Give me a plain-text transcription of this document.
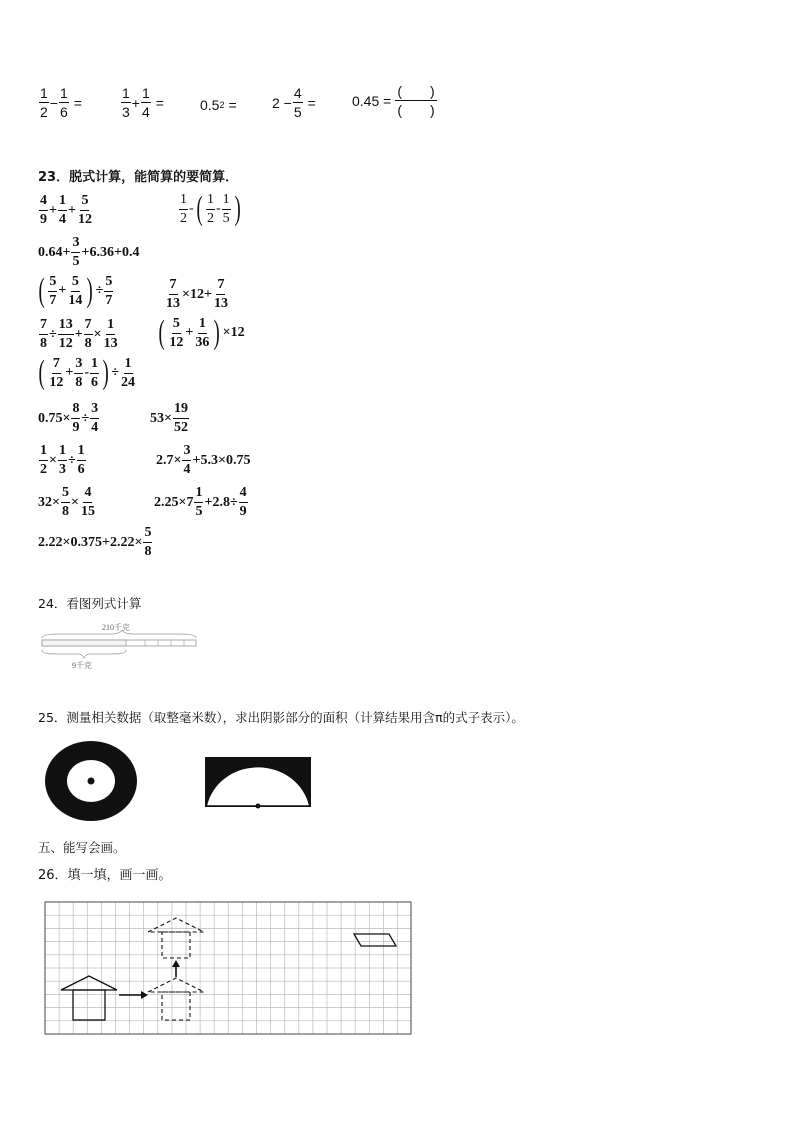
$\frac{1}{2} - \frac{1}{6}$ =	$\frac{1}{3} + \frac{1}{4}$ =	0.5 2 =	$2 - \frac{4}{5}$ =	0.45 =
(　　)
(　　)
23．脱式计算，能简算的要简算．
$\frac{4}{9} + \frac{1}{4} + \frac{5}{12}$	$\frac{1}{2}$ - ( $\frac{1}{2} - \frac{1}{5}$ )
$0.64+ \frac{3}{5} +6.36+0.4$
( $\frac{5}{7} + \frac{5}{14}$ ) ÷ $\frac{5}{7}$	$\frac{7}{13} \times 12+ \frac{7}{13}$
$\frac{7}{8} \div \frac{13}{12} + \frac{7}{8} \times \frac{1}{13}$ ( $\frac{5}{12} + \frac{1}{36}$ ) ×12
( $\frac{7}{12} + \frac{3}{8} - \frac{1}{6}$ ) ÷ $\frac{1}{24}$
$0.75\times \frac{8}{9} \div \frac{3}{4}$	$53\times \frac{19}{52}$
$\frac{1}{2} \times \frac{1}{3} \div \frac{1}{6}$	$2.7\times \frac{3}{4} +5.3\times 0.75$
$32\times \frac{5}{8} \times \frac{4}{15}$	$2.25\times 7 \frac{1}{5} +2.8\div \frac{4}{9}$
$2.22\times 0.375+2.22\times \frac{5}{8}$
24．看图列式计算
210千克
9千克
25．测量相关数据（取整毫米数），求出阴影部分的面积（计算结果用含π的式子表示）。
五、能写会画。
26．填一填，画一画。
